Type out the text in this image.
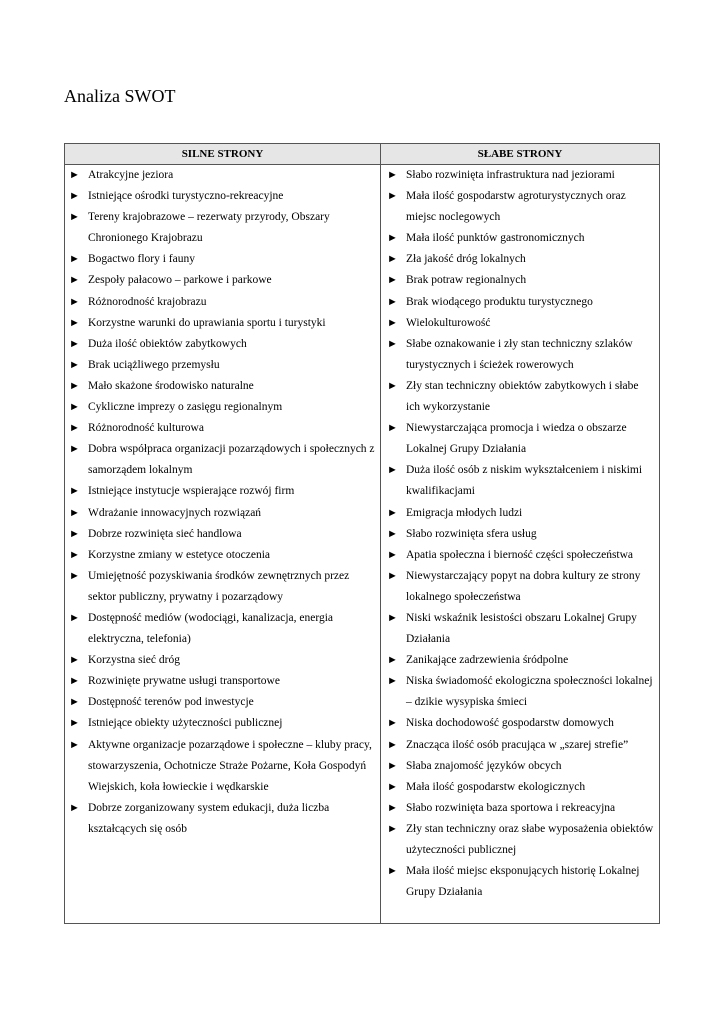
Analiza SWOT
SILNE STRONY	SŁABE STRONY
► Atrakcyjne jeziora
► Istniejące ośrodki turystyczno-rekreacyjne
► Tereny krajobrazowe – rezerwaty przyrody, Obszary Chronionego Krajobrazu
► Bogactwo flory i fauny
► Zespoły pałacowo – parkowe i parkowe
► Różnorodność krajobrazu
► Korzystne warunki do uprawiania sportu i turystyki
► Duża ilość obiektów zabytkowych
► Brak uciążliwego przemysłu
► Mało skażone środowisko naturalne
► Cykliczne imprezy o zasięgu regionalnym
► Różnorodność kulturowa
► Dobra współpraca organizacji pozarządowych i społecznych z samorządem lokalnym
► Istniejące instytucje wspierające rozwój firm
► Wdrażanie innowacyjnych rozwiązań
► Dobrze rozwinięta sieć handlowa
► Korzystne zmiany w estetyce otoczenia
► Umiejętność pozyskiwania środków zewnętrznych przez sektor publiczny, prywatny i pozarządowy
► Dostępność mediów (wodociągi, kanalizacja, energia elektryczna, telefonia)
► Korzystna sieć dróg
► Rozwinięte prywatne usługi transportowe
► Dostępność terenów pod inwestycje
► Istniejące obiekty użyteczności publicznej
► Aktywne organizacje pozarządowe i społeczne – kluby pracy, stowarzyszenia, Ochotnicze Straże Pożarne, Koła Gospodyń Wiejskich, koła łowieckie i wędkarskie
► Dobrze zorganizowany system edukacji, duża liczba kształcących się osób
► Słabo rozwinięta infrastruktura nad jeziorami
► Mała ilość gospodarstw agroturystycznych oraz miejsc noclegowych
► Mała ilość punktów gastronomicznych
► Zła jakość dróg lokalnych
► Brak potraw regionalnych
► Brak wiodącego produktu turystycznego
► Wielokulturowość
► Słabe oznakowanie i zły stan techniczny szlaków turystycznych i ścieżek rowerowych
► Zły stan techniczny obiektów zabytkowych i słabe ich wykorzystanie
► Niewystarczająca promocja i wiedza o obszarze Lokalnej Grupy Działania
► Duża ilość osób z niskim wykształceniem i niskimi kwalifikacjami
► Emigracja młodych ludzi
► Słabo rozwinięta sfera usług
► Apatia społeczna i bierność części społeczeństwa
► Niewystarczający popyt na dobra kultury ze strony lokalnego społeczeństwa
► Niski wskaźnik lesistości obszaru Lokalnej Grupy Działania
► Zanikające zadrzewienia śródpolne
► Niska świadomość ekologiczna społeczności lokalnej – dzikie wysypiska śmieci
► Niska dochodowość gospodarstw domowych
► Znacząca ilość osób pracująca w „szarej strefie”
► Słaba znajomość języków obcych
► Mała ilość gospodarstw ekologicznych
► Słabo rozwinięta baza sportowa i rekreacyjna
► Zły stan techniczny oraz słabe wyposażenia obiektów użyteczności publicznej
► Mała ilość miejsc eksponujących historię Lokalnej Grupy Działania
